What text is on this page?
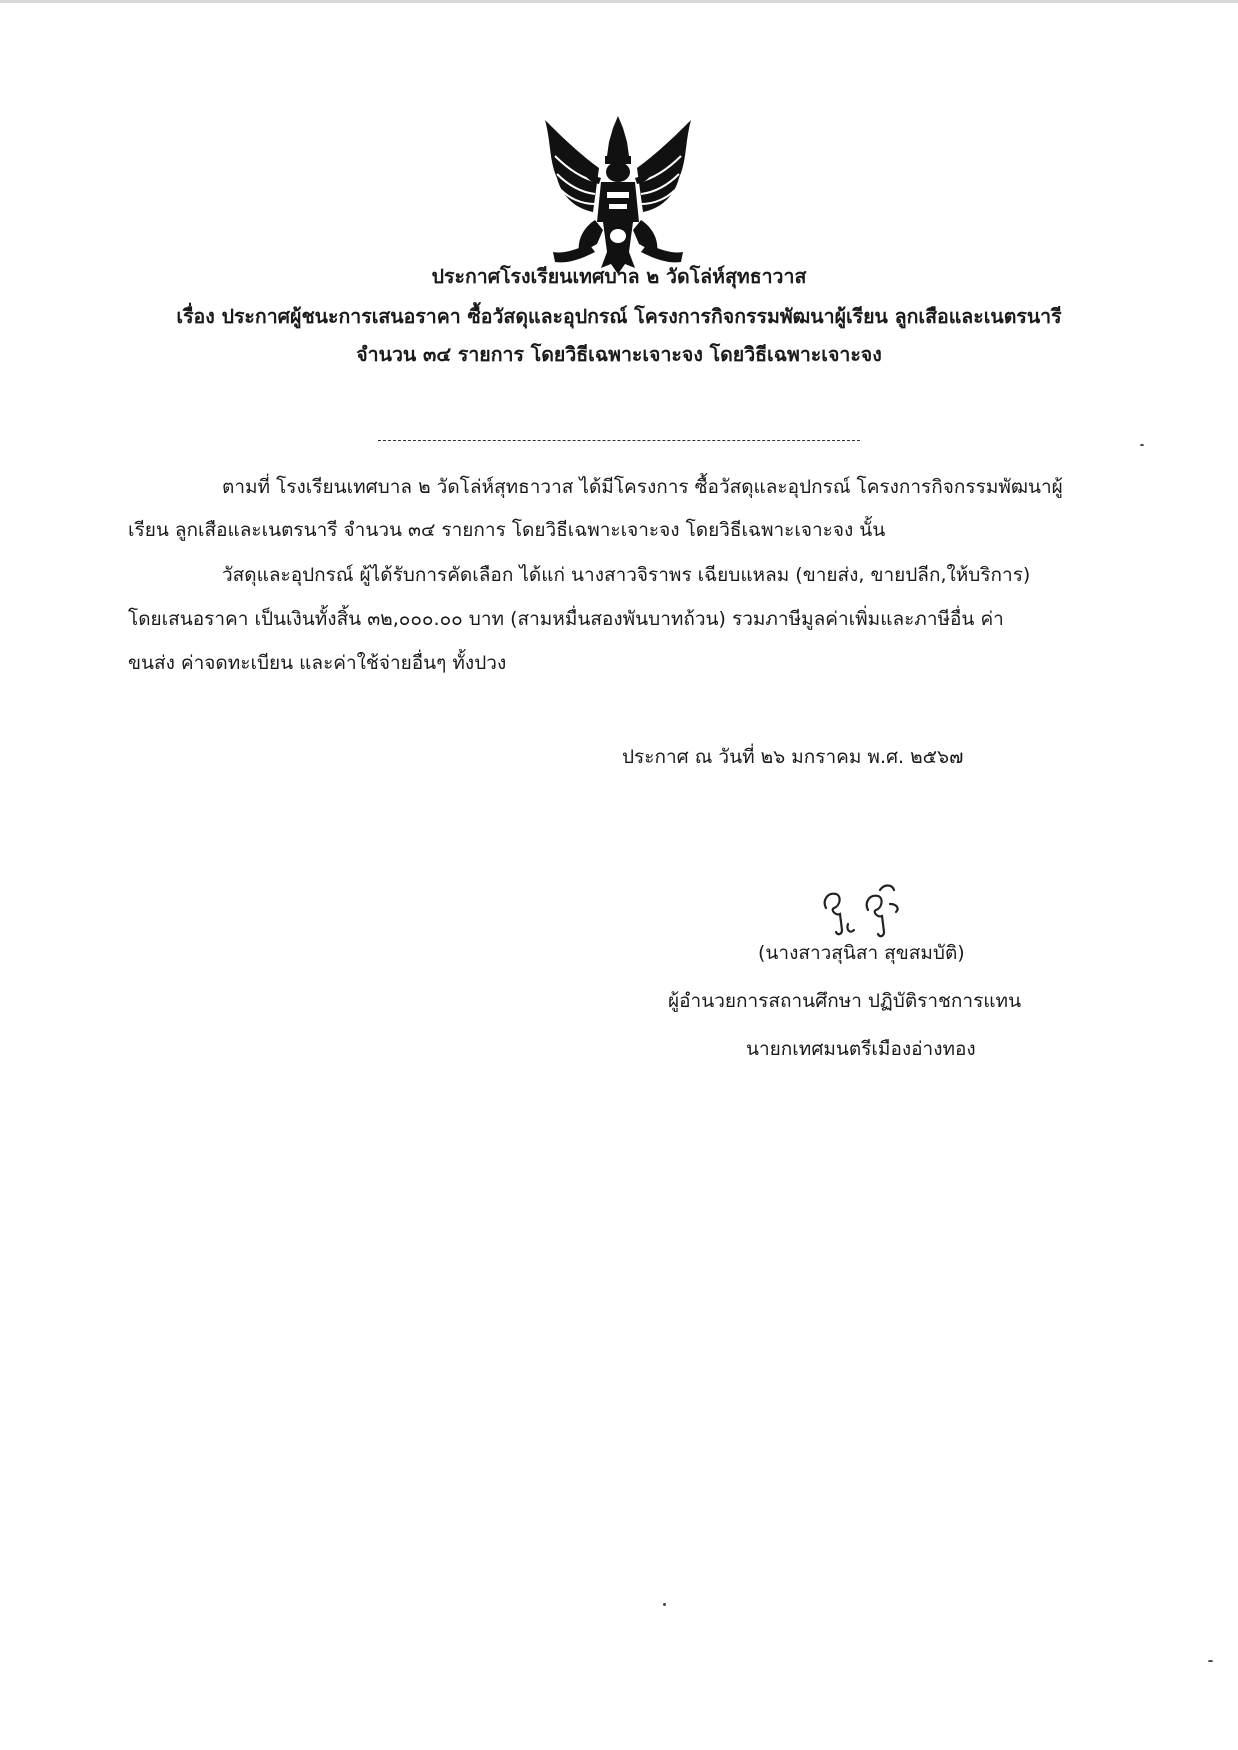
ประกาศโรงเรียนเทศบาล ๒ วัดโล่ห์สุทธาวาส
เรื่อง ประกาศผู้ชนะการเสนอราคา ซื้อวัสดุและอุปกรณ์ โครงการกิจกรรมพัฒนาผู้เรียน ลูกเสือและเนตรนารี
จำนวน ๓๔ รายการ โดยวิธีเฉพาะเจาะจง โดยวิธีเฉพาะเจาะจง
ตามที่ โรงเรียนเทศบาล ๒ วัดโล่ห์สุทธาวาส ได้มีโครงการ ซื้อวัสดุและอุปกรณ์ โครงการกิจกรรมพัฒนาผู้
เรียน ลูกเสือและเนตรนารี จำนวน ๓๔ รายการ โดยวิธีเฉพาะเจาะจง โดยวิธีเฉพาะเจาะจง นั้น
วัสดุและอุปกรณ์ ผู้ได้รับการคัดเลือก ได้แก่ นางสาวจิราพร เฉียบแหลม (ขายส่ง, ขายปลีก,ให้บริการ)
โดยเสนอราคา เป็นเงินทั้งสิ้น ๓๒,๐๐๐.๐๐ บาท (สามหมื่นสองพันบาทถ้วน) รวมภาษีมูลค่าเพิ่มและภาษีอื่น ค่า
ขนส่ง ค่าจดทะเบียน และค่าใช้จ่ายอื่นๆ ทั้งปวง
ประกาศ ณ วันที่ ๒๖ มกราคม พ.ศ. ๒๕๖๗
(นางสาวสุนิสา สุขสมบัติ)
ผู้อำนวยการสถานศึกษา ปฏิบัติราชการแทน
นายกเทศมนตรีเมืองอ่างทอง
